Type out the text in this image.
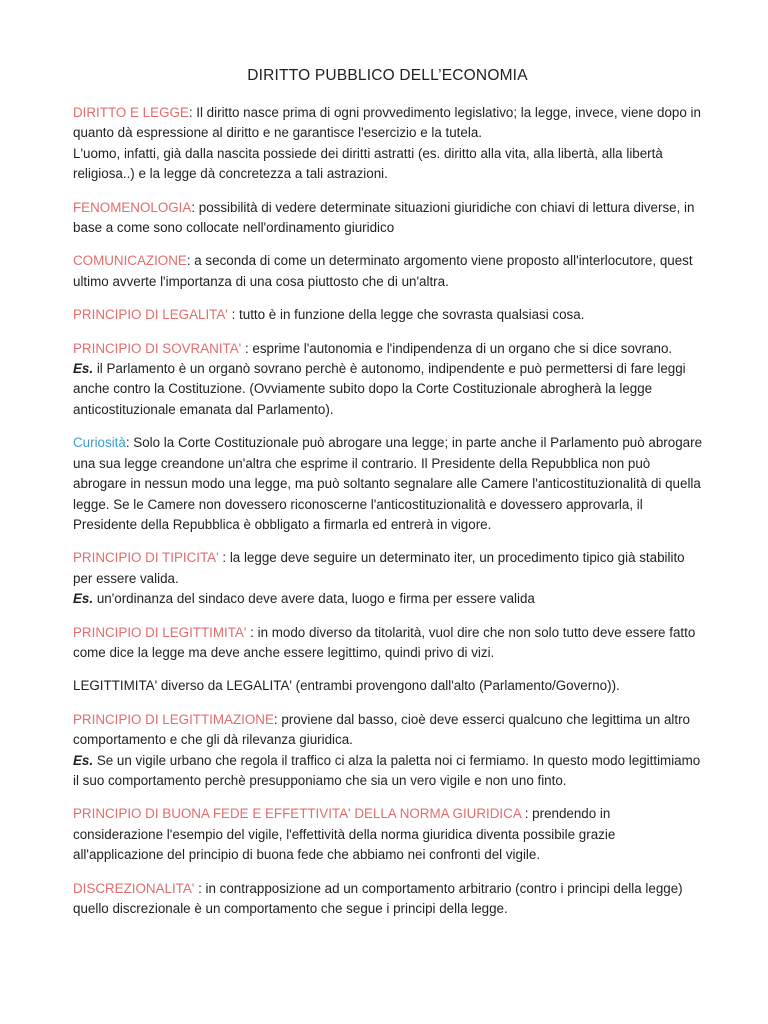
DIRITTO PUBBLICO DELL’ECONOMIA

DIRITTO E LEGGE: Il diritto nasce prima di ogni provvedimento legislativo; la legge, invece, viene dopo in quanto dà espressione al diritto e ne garantisce l'esercizio e la tutela.

L'uomo, infatti, già dalla nascita possiede dei diritti astratti (es. diritto alla vita, alla libertà, alla libertà religiosa..) e la legge dà concretezza a tali astrazioni.

FENOMENOLOGIA: possibilità di vedere determinate situazioni giuridiche con chiavi di lettura diverse, in base a come sono collocate nell'ordinamento giuridico

COMUNICAZIONE: a seconda di come un determinato argomento viene proposto all'interlocutore, quest ultimo avverte l'importanza di una cosa piuttosto che di un'altra.

PRINCIPIO DI LEGALITA' : tutto è in funzione della legge che sovrasta qualsiasi cosa.

PRINCIPIO DI SOVRANITA' : esprime l'autonomia e l'indipendenza di un organo che si dice sovrano.

Es. il Parlamento è un organò sovrano perchè è autonomo, indipendente e può permettersi di fare leggi anche contro la Costituzione. (Ovviamente subito dopo la Corte Costituzionale abrogherà la legge anticostituzionale emanata dal Parlamento).

Curiosità: Solo la Corte Costituzionale può abrogare una legge; in parte anche il Parlamento può abrogare una sua legge creandone un'altra che esprime il contrario. Il Presidente della Repubblica non può abrogare in nessun modo una legge, ma può soltanto segnalare alle Camere l'anticostituzionalità di quella legge. Se le Camere non dovessero riconoscerne l'anticostituzionalità e dovessero approvarla, il Presidente della Repubblica è obbligato a firmarla ed entrerà in vigore.

PRINCIPIO DI TIPICITA' : la legge deve seguire un determinato iter, un procedimento tipico già stabilito per essere valida.

Es. un'ordinanza del sindaco deve avere data, luogo e firma per essere valida

PRINCIPIO DI LEGITTIMITA' : in modo diverso da titolarità, vuol dire che non solo tutto deve essere fatto come dice la legge ma deve anche essere legittimo, quindi privo di vizi.

LEGITTIMITA' diverso da LEGALITA' (entrambi provengono dall'alto (Parlamento/Governo)).

PRINCIPIO DI LEGITTIMAZIONE: proviene dal basso, cioè deve esserci qualcuno che legittima un altro comportamento e che gli dà rilevanza giuridica.

Es. Se un vigile urbano che regola il traffico ci alza la paletta noi ci fermiamo. In questo modo legittimiamo il suo comportamento perchè presupponiamo che sia un vero vigile e non uno finto.

PRINCIPIO DI BUONA FEDE E EFFETTIVITA' DELLA NORMA GIURIDICA : prendendo in considerazione l'esempio del vigile, l'effettività della norma giuridica diventa possibile grazie all'applicazione del principio di buona fede che abbiamo nei confronti del vigile.

DISCREZIONALITA' : in contrapposizione ad un comportamento arbitrario (contro i principi della legge) quello discrezionale è un comportamento che segue i principi della legge.
